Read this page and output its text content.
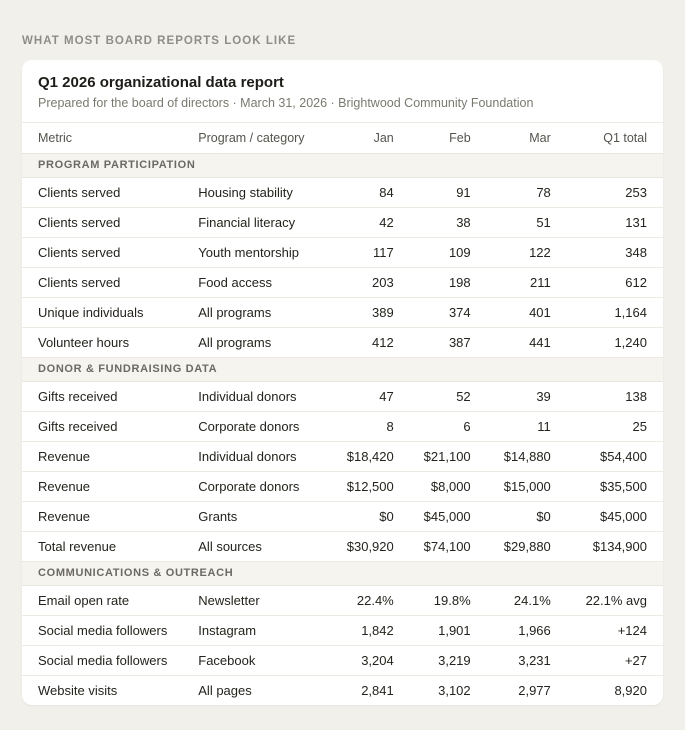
WHAT MOST BOARD REPORTS LOOK LIKE
Q1 2026 organizational data report
Prepared for the board of directors · March 31, 2026 · Brightwood Community Foundation
Metric	Program / category	Jan	Feb	Mar	Q1 total
PROGRAM PARTICIPATION					
Clients served	Housing stability	84	91	78	253
Clients served	Financial literacy	42	38	51	131
Clients served	Youth mentorship	117	109	122	348
Clients served	Food access	203	198	211	612
Unique individuals	All programs	389	374	401	1,164
Volunteer hours	All programs	412	387	441	1,240
DONOR & FUNDRAISING DATA					
Gifts received	Individual donors	47	52	39	138
Gifts received	Corporate donors	8	6	11	25
Revenue	Individual donors	$18,420	$21,100	$14,880	$54,400
Revenue	Corporate donors	$12,500	$8,000	$15,000	$35,500
Revenue	Grants	$0	$45,000	$0	$45,000
Total revenue	All sources	$30,920	$74,100	$29,880	$134,900
COMMUNICATIONS & OUTREACH					
Email open rate	Newsletter	22.4%	19.8%	24.1%	22.1% avg
Social media followers	Instagram	1,842	1,901	1,966	+124
Social media followers	Facebook	3,204	3,219	3,231	+27
Website visits	All pages	2,841	3,102	2,977	8,920
